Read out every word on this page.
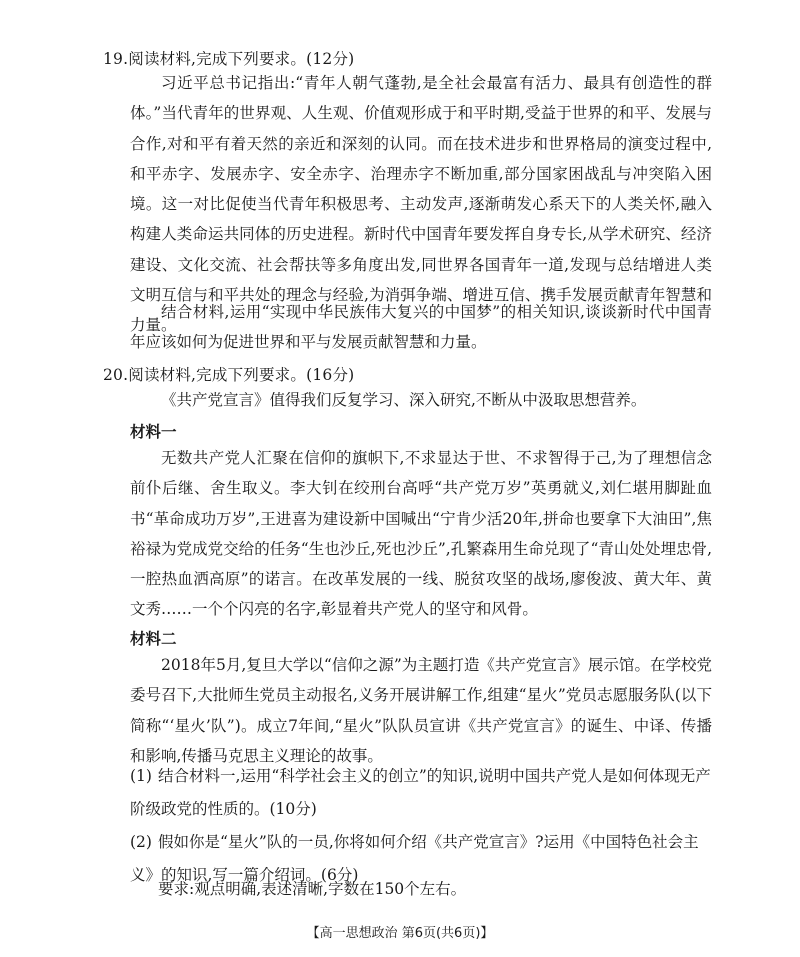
19.阅读材料,完成下列要求。(12分)
习近平总书记指出:“青年人朝气蓬勃,是全社会最富有活力、最具有创造性的群体。”当代青年的世界观、人生观、价值观形成于和平时期,受益于世界的和平、发展与合作,对和平有着天然的亲近和深刻的认同。而在技术进步和世界格局的演变过程中,和平赤字、发展赤字、安全赤字、治理赤字不断加重,部分国家困战乱与冲突陷入困境。这一对比促使当代青年积极思考、主动发声,逐渐萌发心系天下的人类关怀,融入构建人类命运共同体的历史进程。新时代中国青年要发挥自身专长,从学术研究、经济建设、文化交流、社会帮扶等多角度出发,同世界各国青年一道,发现与总结增进人类文明互信与和平共处的理念与经验,为消弭争端、增进互信、携手发展贡献青年智慧和力量。
结合材料,运用“实现中华民族伟大复兴的中国梦”的相关知识,谈谈新时代中国青年应该如何为促进世界和平与发展贡献智慧和力量。
20.阅读材料,完成下列要求。(16分)
《共产党宣言》值得我们反复学习、深入研究,不断从中汲取思想营养。
材料一
无数共产党人汇聚在信仰的旗帜下,不求显达于世、不求智得于己,为了理想信念前仆后继、舍生取义。李大钊在绞刑台高呼“共产党万岁”英勇就义,刘仁堪用脚趾血书“革命成功万岁”,王进喜为建设新中国喊出“宁肯少活20年,拼命也要拿下大油田”,焦裕禄为党成党交给的任务“生也沙丘,死也沙丘”,孔繁森用生命兑现了“青山处处埋忠骨,一腔热血洒高原”的诺言。在改革发展的一线、脱贫攻坚的战场,廖俊波、黄大年、黄文秀……一个个闪亮的名字,彰显着共产党人的坚守和风骨。
材料二
2018年5月,复旦大学以“信仰之源”为主题打造《共产党宣言》展示馆。在学校党委号召下,大批师生党员主动报名,义务开展讲解工作,组建“星火”党员志愿服务队(以下简称“‘星火’队”)。成立7年间,“星火”队队员宣讲《共产党宣言》的诞生、中译、传播和影响,传播马克思主义理论的故事。
(1) 结合材料一,运用“科学社会主义的创立”的知识,说明中国共产党人是如何体现无产阶级政党的性质的。(10分)
(2) 假如你是“星火”队的一员,你将如何介绍《共产党宣言》?运用《中国特色社会主义》的知识,写一篇介绍词。(6分)
要求:观点明确,表述清晰,字数在150个左右。
【高一思想政治 第6页(共6页)】
